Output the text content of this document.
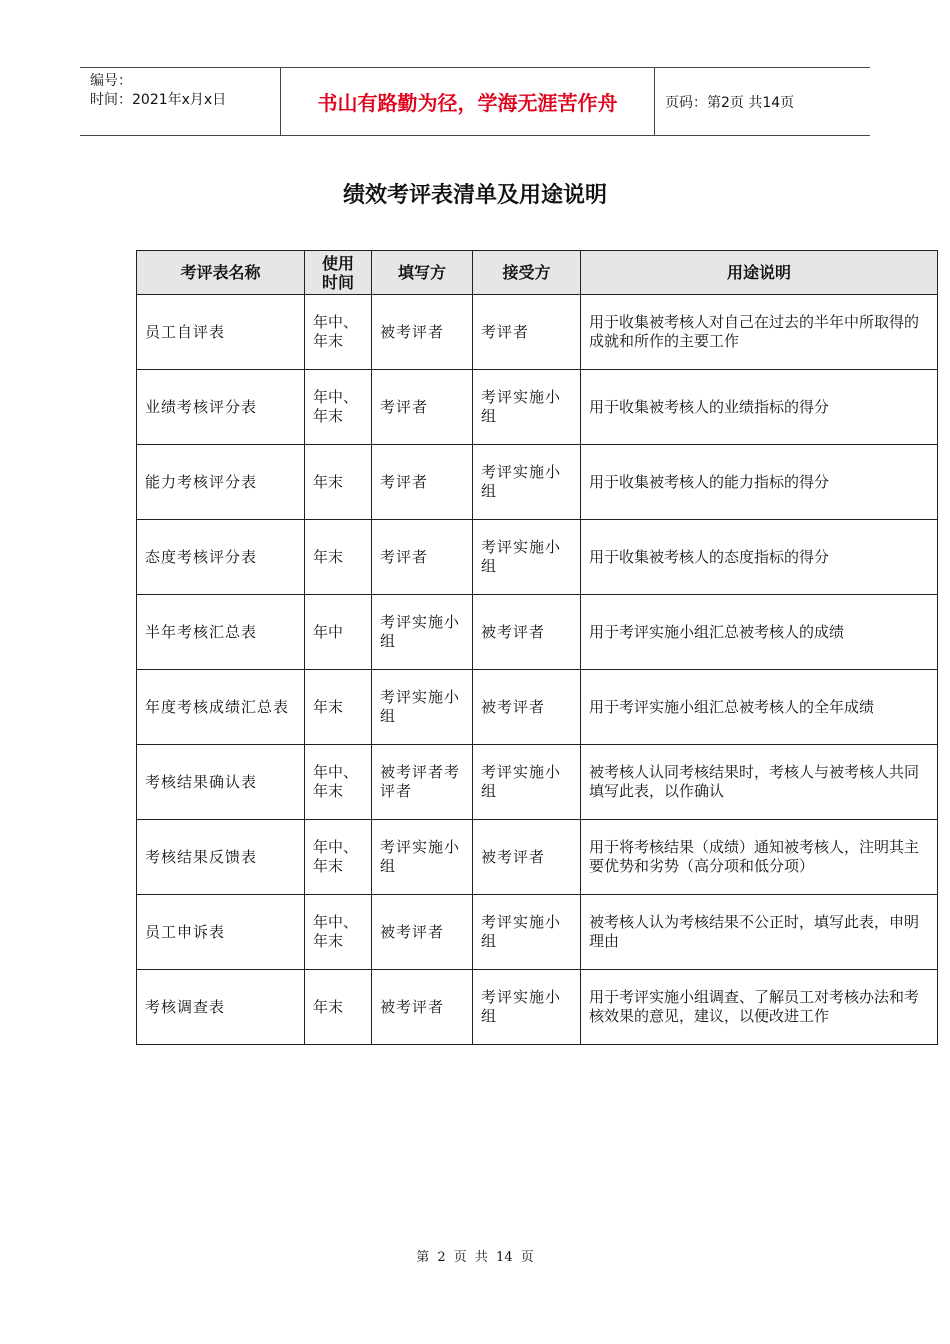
编号：
时间：2021年x月x日	书山有路勤为径，学海无涯苦作舟	页码：第2页 共14页
绩效考评表清单及用途说明
考评表名称	使用时间	填写方	接受方	用途说明
员工自评表	年中、年末	被考评者	考评者	用于收集被考核人对自己在过去的半年中所取得的成就和所作的主要工作
业绩考核评分表	年中、年末	考评者	考评实施小组	用于收集被考核人的业绩指标的得分
能力考核评分表	年末	考评者	考评实施小组	用于收集被考核人的能力指标的得分
态度考核评分表	年末	考评者	考评实施小组	用于收集被考核人的态度指标的得分
半年考核汇总表	年中	考评实施小组	被考评者	用于考评实施小组汇总被考核人的成绩
年度考核成绩汇总表	年末	考评实施小组	被考评者	用于考评实施小组汇总被考核人的全年成绩
考核结果确认表	年中、年末	被考评者考评者	考评实施小组	被考核人认同考核结果时，考核人与被考核人共同填写此表，以作确认
考核结果反馈表	年中、年末	考评实施小组	被考评者	用于将考核结果（成绩）通知被考核人，注明其主要优势和劣势（高分项和低分项）
员工申诉表	年中、年末	被考评者	考评实施小组	被考核人认为考核结果不公正时，填写此表，申明理由
考核调查表	年末	被考评者	考评实施小组	用于考评实施小组调查、了解员工对考核办法和考核效果的意见，建议，以便改进工作
第 2 页 共 14 页
